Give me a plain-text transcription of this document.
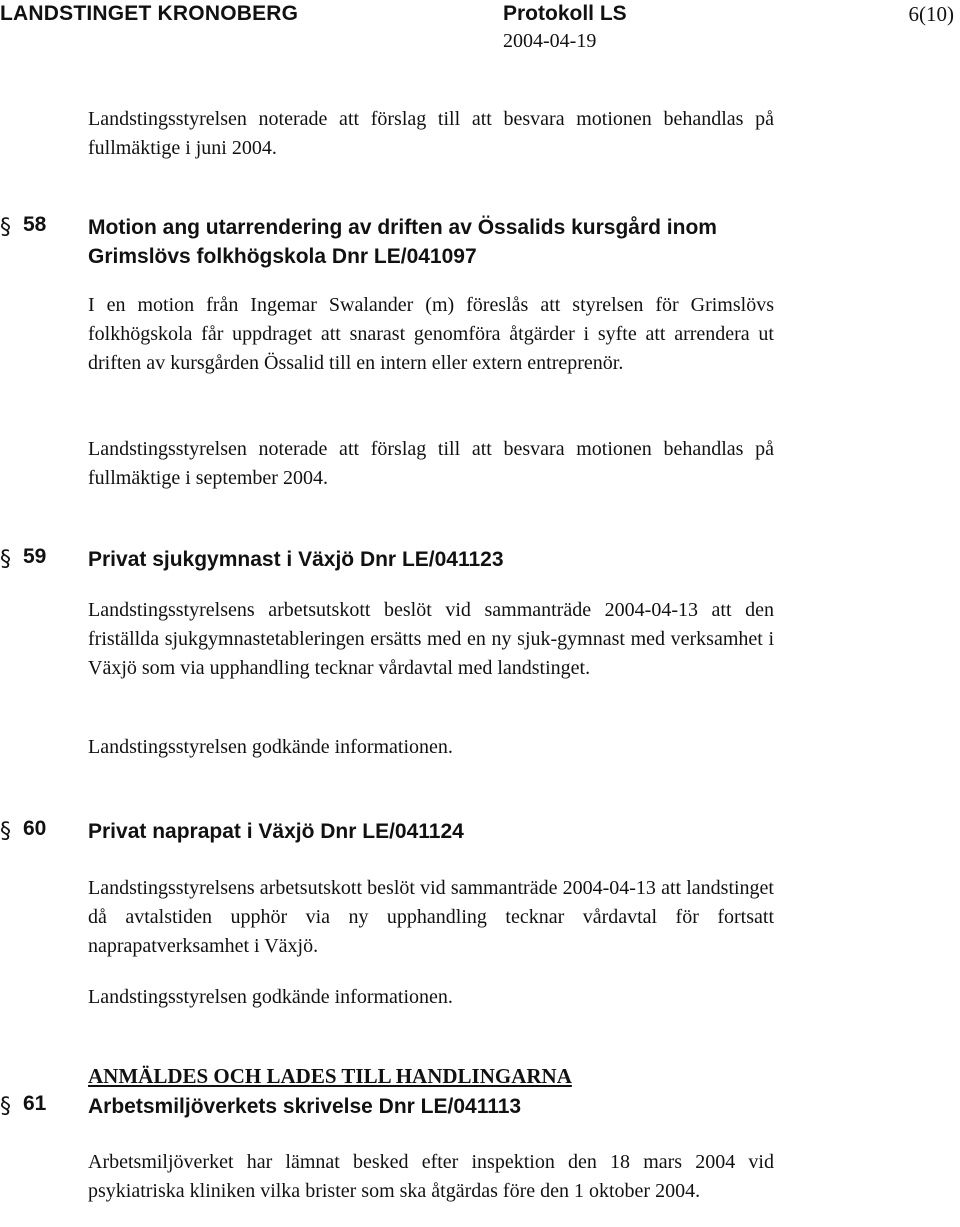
LANDSTINGET KRONOBERG	Protokoll LS
2004-04-19
6(10)

Landstingsstyrelsen noterade att förslag till att besvara motionen behandlas på fullmäktige i juni 2004.

§ 58 Motion ang utarrendering av driften av Össalids kursgård inom Grimslövs folkhögskola Dnr LE/041097

I en motion från Ingemar Swalander (m) föreslås att styrelsen för Grimslövs folkhögskola får uppdraget att snarast genomföra åtgärder i syfte att arrendera ut driften av kursgården Össalid till en intern eller extern entreprenör.

Landstingsstyrelsen noterade att förslag till att besvara motionen behandlas på fullmäktige i september 2004.

§ 59 Privat sjukgymnast i Växjö Dnr LE/041123

Landstingsstyrelsens arbetsutskott beslöt vid sammanträde 2004-04-13 att den friställda sjukgymnastetableringen ersätts med en ny sjuk-gymnast med verksamhet i Växjö som via upphandling tecknar vårdavtal med landstinget.

Landstingsstyrelsen godkände informationen.

§ 60 Privat naprapat i Växjö Dnr LE/041124

Landstingsstyrelsens arbetsutskott beslöt vid sammanträde 2004-04-13 att landstinget då avtalstiden upphör via ny upphandling tecknar vårdavtal för fortsatt naprapatverksamhet i Växjö.

Landstingsstyrelsen godkände informationen.

ANMÄLDES OCH LADES TILL HANDLINGARNA

§ 61 Arbetsmiljöverkets skrivelse Dnr LE/041113

Arbetsmiljöverket har lämnat besked efter inspektion den 18 mars 2004 vid psykiatriska kliniken vilka brister som ska åtgärdas före den 1 oktober 2004.
